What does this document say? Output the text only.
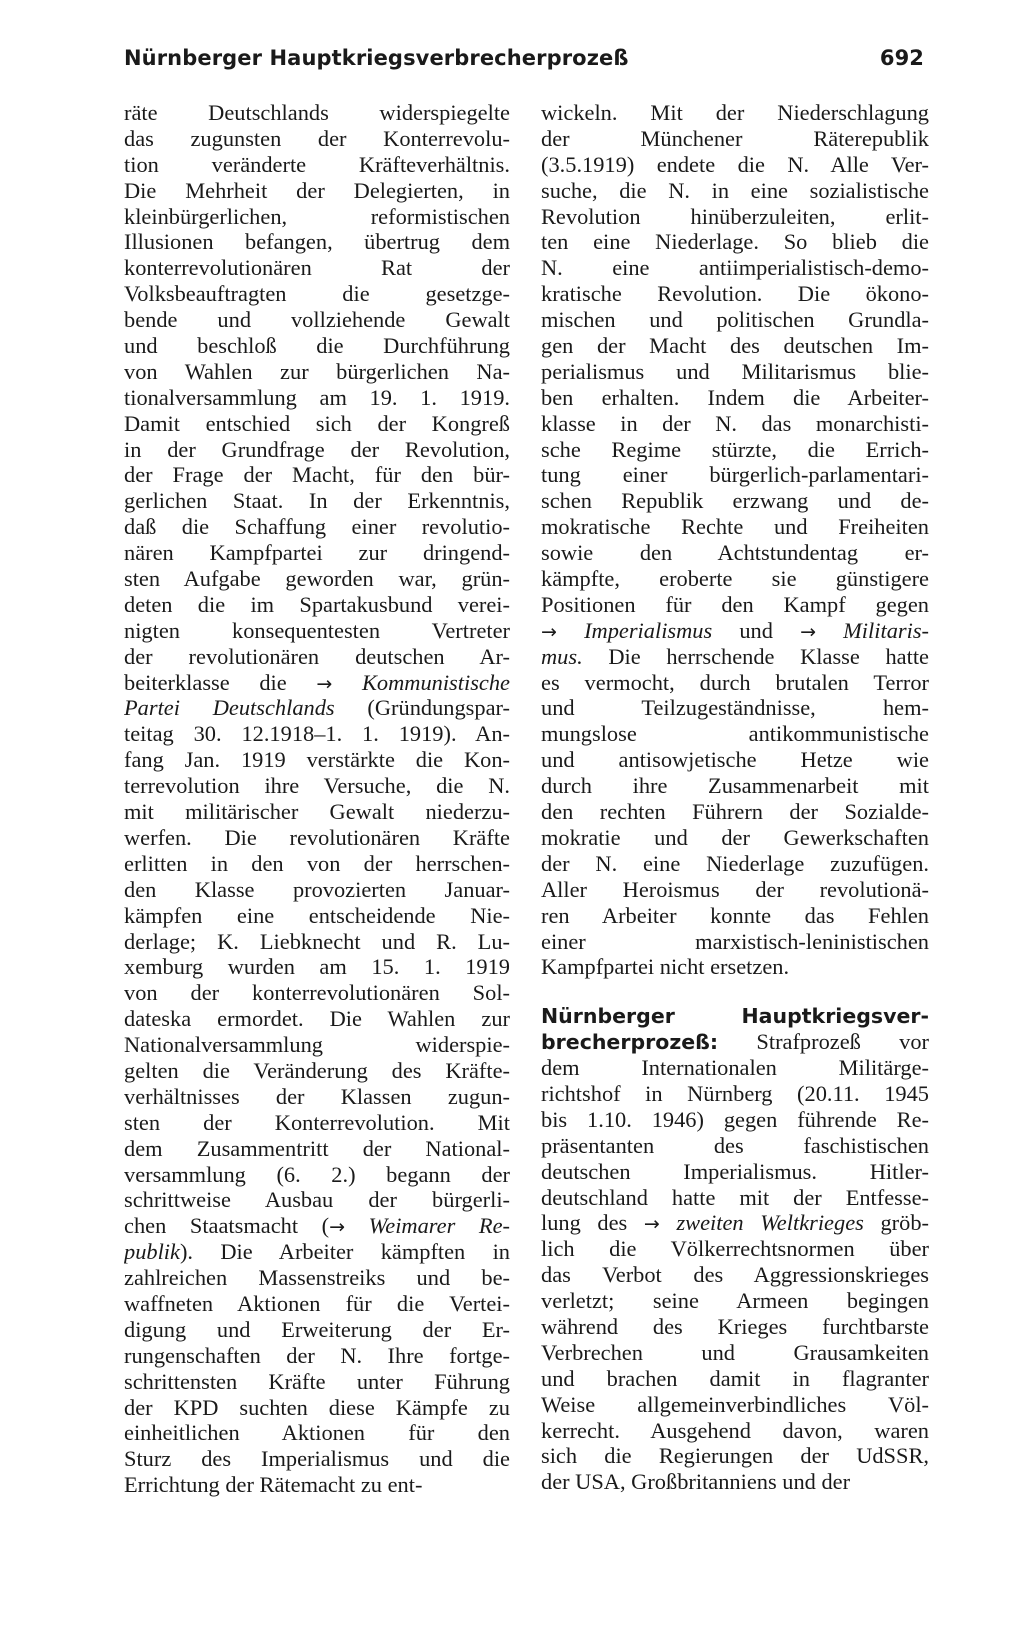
Nürnberger Hauptkriegsverbrecherprozeß	692
räte Deutschlands widerspiegelte
das zugunsten der Konterrevolu-
tion veränderte Kräfteverhältnis.
Die Mehrheit der Delegierten, in
kleinbürgerlichen, reformistischen
Illusionen befangen, übertrug dem
konterrevolutionären Rat der
Volksbeauftragten die gesetzge-
bende und vollziehende Gewalt
und beschloß die Durchführung
von Wahlen zur bürgerlichen Na-
tionalversammlung am 19. 1. 1919.
Damit entschied sich der Kongreß
in der Grundfrage der Revolution,
der Frage der Macht, für den bür-
gerlichen Staat. In der Erkenntnis,
daß die Schaffung einer revolutio-
nären Kampfpartei zur dringend-
sten Aufgabe geworden war, grün-
deten die im Spartakusbund verei-
nigten konsequentesten Vertreter
der revolutionären deutschen Ar-
beiterklasse die → Kommunistische
Partei Deutschlands (Gründungspar-
teitag 30. 12.1918–1. 1. 1919). An-
fang Jan. 1919 verstärkte die Kon-
terrevolution ihre Versuche, die N.
mit militärischer Gewalt niederzu-
werfen. Die revolutionären Kräfte
erlitten in den von der herrschen-
den Klasse provozierten Januar-
kämpfen eine entscheidende Nie-
derlage; K. Liebknecht und R. Lu-
xemburg wurden am 15. 1. 1919
von der konterrevolutionären Sol-
dateska ermordet. Die Wahlen zur
Nationalversammlung widerspie-
gelten die Veränderung des Kräfte-
verhältnisses der Klassen zugun-
sten der Konterrevolution. Mit
dem Zusammentritt der National-
versammlung (6. 2.) begann der
schrittweise Ausbau der bürgerli-
chen Staatsmacht (→ Weimarer Re-
publik). Die Arbeiter kämpften in
zahlreichen Massenstreiks und be-
waffneten Aktionen für die Vertei-
digung und Erweiterung der Er-
rungenschaften der N. Ihre fortge-
schrittensten Kräfte unter Führung
der KPD suchten diese Kämpfe zu
einheitlichen Aktionen für den
Sturz des Imperialismus und die
Errichtung der Rätemacht zu ent-
wickeln. Mit der Niederschlagung
der Münchener Räterepublik
(3.5.1919) endete die N. Alle Ver-
suche, die N. in eine sozialistische
Revolution hinüberzuleiten, erlit-
ten eine Niederlage. So blieb die
N. eine antiimperialistisch-demo-
kratische Revolution. Die ökono-
mischen und politischen Grundla-
gen der Macht des deutschen Im-
perialismus und Militarismus blie-
ben erhalten. Indem die Arbeiter-
klasse in der N. das monarchisti-
sche Regime stürzte, die Errich-
tung einer bürgerlich-parlamentari-
schen Republik erzwang und de-
mokratische Rechte und Freiheiten
sowie den Achtstundentag er-
kämpfte, eroberte sie günstigere
Positionen für den Kampf gegen
→ Imperialismus und → Militaris-
mus. Die herrschende Klasse hatte
es vermocht, durch brutalen Terror
und Teilzugeständnisse, hem-
mungslose antikommunistische
und antisowjetische Hetze wie
durch ihre Zusammenarbeit mit
den rechten Führern der Sozialde-
mokratie und der Gewerkschaften
der N. eine Niederlage zuzufügen.
Aller Heroismus der revolutionä-
ren Arbeiter konnte das Fehlen
einer marxistisch-leninistischen
Kampfpartei nicht ersetzen.
Nürnberger Hauptkriegsver-
brecherprozeß: Strafprozeß vor
dem Internationalen Militärge-
richtshof in Nürnberg (20.11. 1945
bis 1.10. 1946) gegen führende Re-
präsentanten des faschistischen
deutschen Imperialismus. Hitler-
deutschland hatte mit der Entfesse-
lung des → zweiten Weltkrieges gröb-
lich die Völkerrechtsnormen über
das Verbot des Aggressionskrieges
verletzt; seine Armeen begingen
während des Krieges furchtbarste
Verbrechen und Grausamkeiten
und brachen damit in flagranter
Weise allgemeinverbindliches Völ-
kerrecht. Ausgehend davon, waren
sich die Regierungen der UdSSR,
der USA, Großbritanniens und der
